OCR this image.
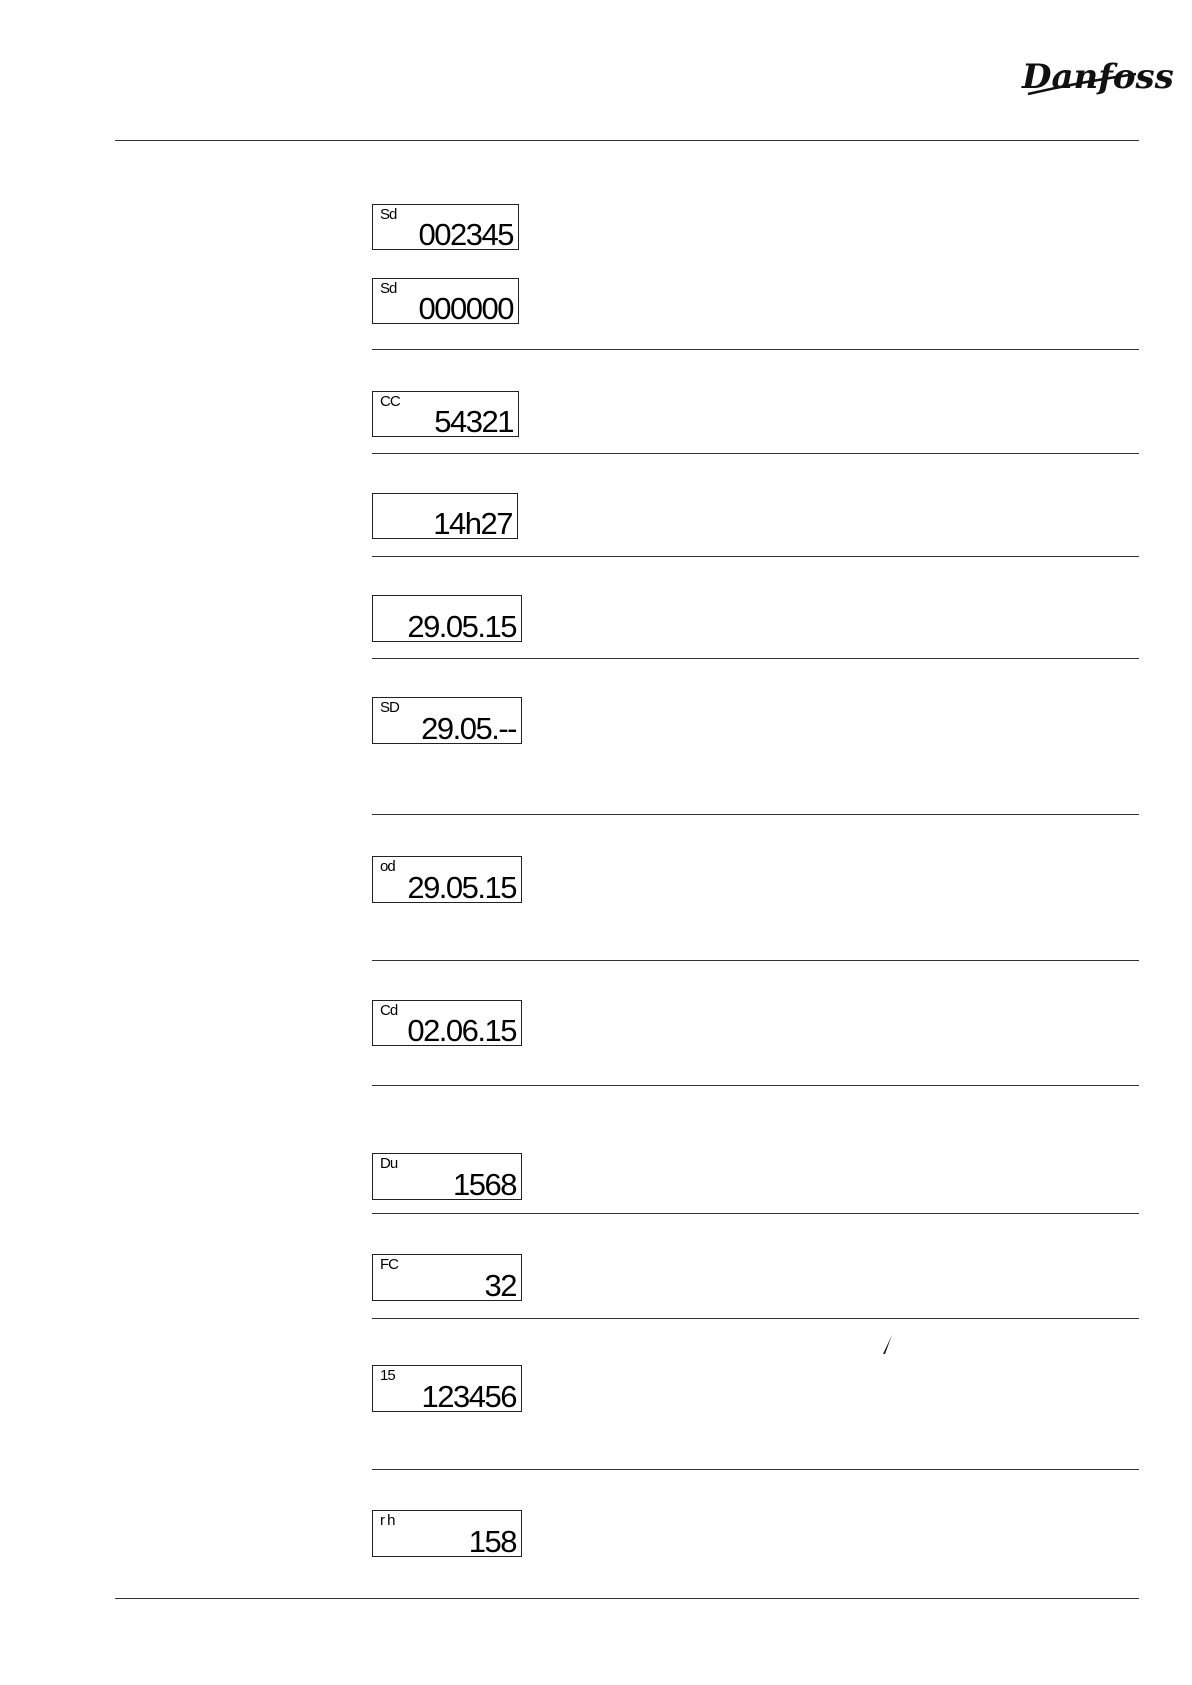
Danfoss
Sd
002345
Sd
000000
CC
54321
14h27
29.05.15
SD
29.05.--
od
29.05.15
Cd
02.06.15
Du
1568
FC
32
15
123456
r h
158
